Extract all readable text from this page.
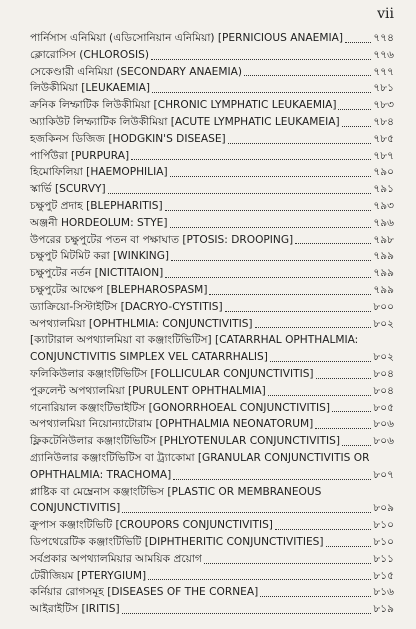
vii
পার্নিসাস এনিমিয়া (এডিসোনিয়ান এনিমিয়া) [PERNICIOUS ANAEMIA]	৭৭৪
ক্লোরোসিস (CHLOROSIS)	৭৭৬
সেকেণ্ডারী এনিমিয়া (SECONDARY ANAEMIA)	৭৭৭
লিউকীমিয়া [LEUKAEMIA]	৭৮১
ক্রনিক লিম্ফাটিক লিউকীমিয়া [CHRONIC LYMPHATIC LEUKAEMIA]	৭৮৩
অ্যাকিউট লিম্ফ্যাটিক লিউকীমিয়া [ACUTE LYMPHATIC LEUKAMEIA]	৭৮৪
হজকিনস ডিজিজ [HODGKIN'S DISEASE]	৭৮৫
পার্পিউরা [PURPURA]	৭৮৭
হিমোফিলিয়া [HAEMOPHILIA]	৭৯০
স্কার্ভি [SCURVY]	৭৯১
চক্ষুপুট প্রদাহ [BLEPHARITIS]	৭৯৩
অঞ্জনী HORDEOLUM: STYE]	৭৯৬
উপরের চক্ষুপুটের পতন বা পক্ষাঘাত [PTOSIS: DROOPING]	৭৯৮
চক্ষুপুট মিটমিট করা [WINKING]	৭৯৯
চক্ষুপুটের নর্তন [NICTITAION]	৭৯৯
চক্ষুপুটের আক্ষেপ [BLEPHAROSPASM]	৭৯৯
ড্যাক্রিয়ো-সিস্টাইটিস [DACRYO-CYSTITIS]	৮০০
অপথ্যালমিয়া [OPHTHLMIA: CONJUNCTIVITIS]	৮০২
[ক্যাটারাল অপথ্যালমিয়া বা কঞ্জাংটিভিটিস] [CATARRHAL OPHTHALMIA:
CONJUNCTIVITIS SIMPLEX VEL CATARRHALIS]	৮০২
ফলিকিউলার কঞ্জাংটিভিটিস [FOLLICULAR CONJUNCTIVITIS]	৮০৪
পুরুলেন্ট অপথ্যালমিয়া [PURULENT OPHTHALMIA]	৮০৪
গনোরিয়াল কঞ্জাংটিভাইটিস [GONORRHOEAL CONJUNCTIVITIS]	৮০৫
অপথ্যালমিয়া নিয়োন্যাটোরাম [OPHTHALMIA NEONATORUM]	৮০৬
ফ্লিকটেনিউলার কঞ্জাংটিভিটিস [PHLYOTENULAR CONJUNCTIVITIS]	৮০৬
গ্র্যানিউলার কঞ্জাংটিভিটিস বা ট্র্যাকোমা [GRANULAR CONJUNCTIVITIS OR
OPHTHALMIA: TRACHOMA]	৮০৭
প্লাষ্টিক বা মেম্ব্রেনাস কঞ্জাংটিভিস [PLASTIC OR MEMBRANEOUS
CONJUNCTIVITIS]	৮০৯
ক্রুপাস কঞ্জাংটিভিটি [CROUPORS CONJUNCTIVITIS]	৮১০
ডিপথেরেটিক কঞ্জাংটিভিটি [DIPHTHERITIC CONJUNCTIVITIES]	৮১০
সর্বপ্রকার অপথ্যালমিয়ার আময়িক প্রয়োগ	৮১১
টেরীজিয়ম [PTERYGIUM]	৮১৫
কর্নিয়ার রোগসমূহ [DISEASES OF THE CORNEA]	৮১৬
আইরাইটিস [IRITIS]	৮১৯
